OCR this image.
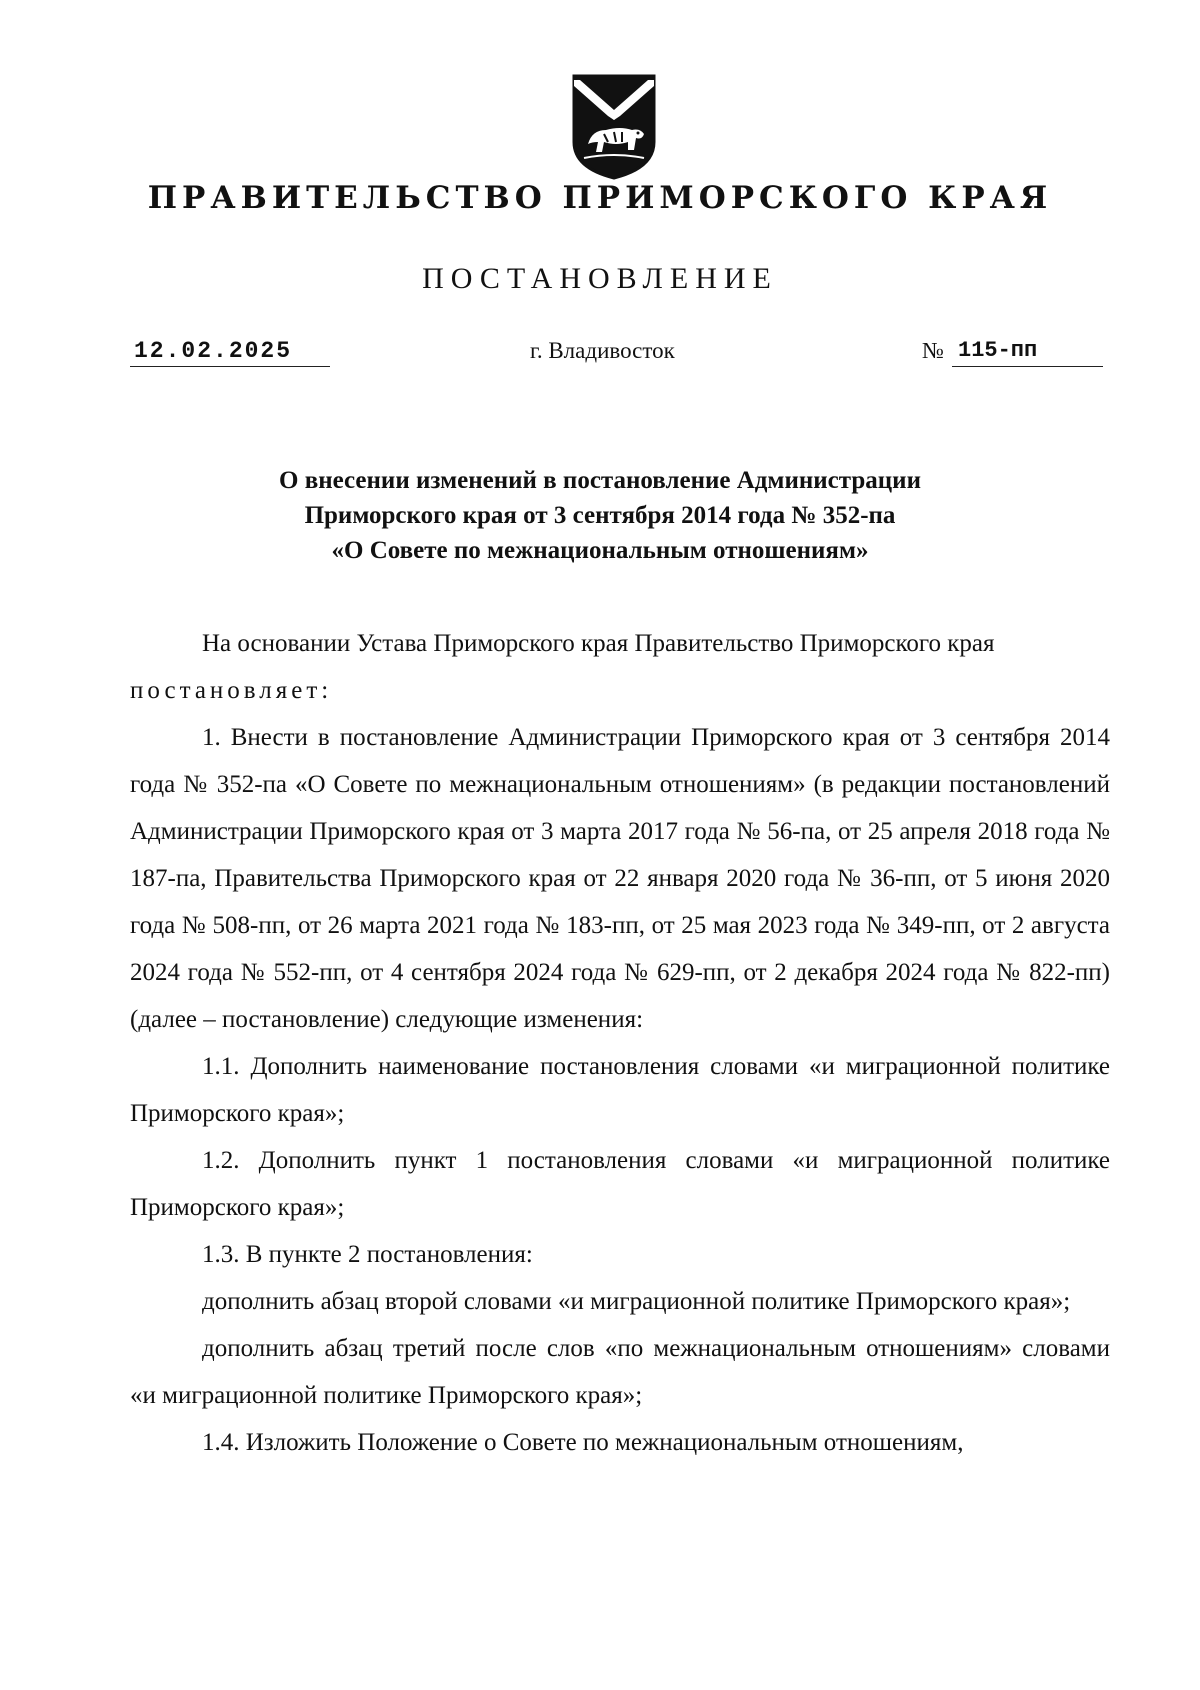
ПРАВИТЕЛЬСТВО ПРИМОРСКОГО КРАЯ
ПОСТАНОВЛЕНИЕ
12.02.2025	г. Владивосток	№ 115-пп
О внесении изменений в постановление Администрации
Приморского края от 3 сентября 2014 года № 352-па
«О Совете по межнациональным отношениям»

На основании Устава Приморского края Правительство Приморского края

постановляет:

1. Внести в постановление Администрации Приморского края от 3 сентября 2014 года № 352-па «О Совете по межнациональным отношениям» (в редакции постановлений Администрации Приморского края от 3 марта 2017 года № 56-па, от 25 апреля 2018 года № 187-па, Правительства Приморского края от 22 января 2020 года № 36-пп, от 5 июня 2020 года № 508-пп, от 26 марта 2021 года № 183-пп, от 25 мая 2023 года № 349-пп, от 2 августа 2024 года № 552-пп, от 4 сентября 2024 года № 629-пп, от 2 декабря 2024 года № 822-пп) (далее – постановление) следующие изменения:

1.1. Дополнить наименование постановления словами «и миграционной политике Приморского края»;

1.2. Дополнить пункт 1 постановления словами «и миграционной политике Приморского края»;

1.3. В пункте 2 постановления:

дополнить абзац второй словами «и миграционной политике Приморского края»;

дополнить абзац третий после слов «по межнациональным отношениям» словами «и миграционной политике Приморского края»;

1.4. Изложить Положение о Совете по межнациональным отношениям,
